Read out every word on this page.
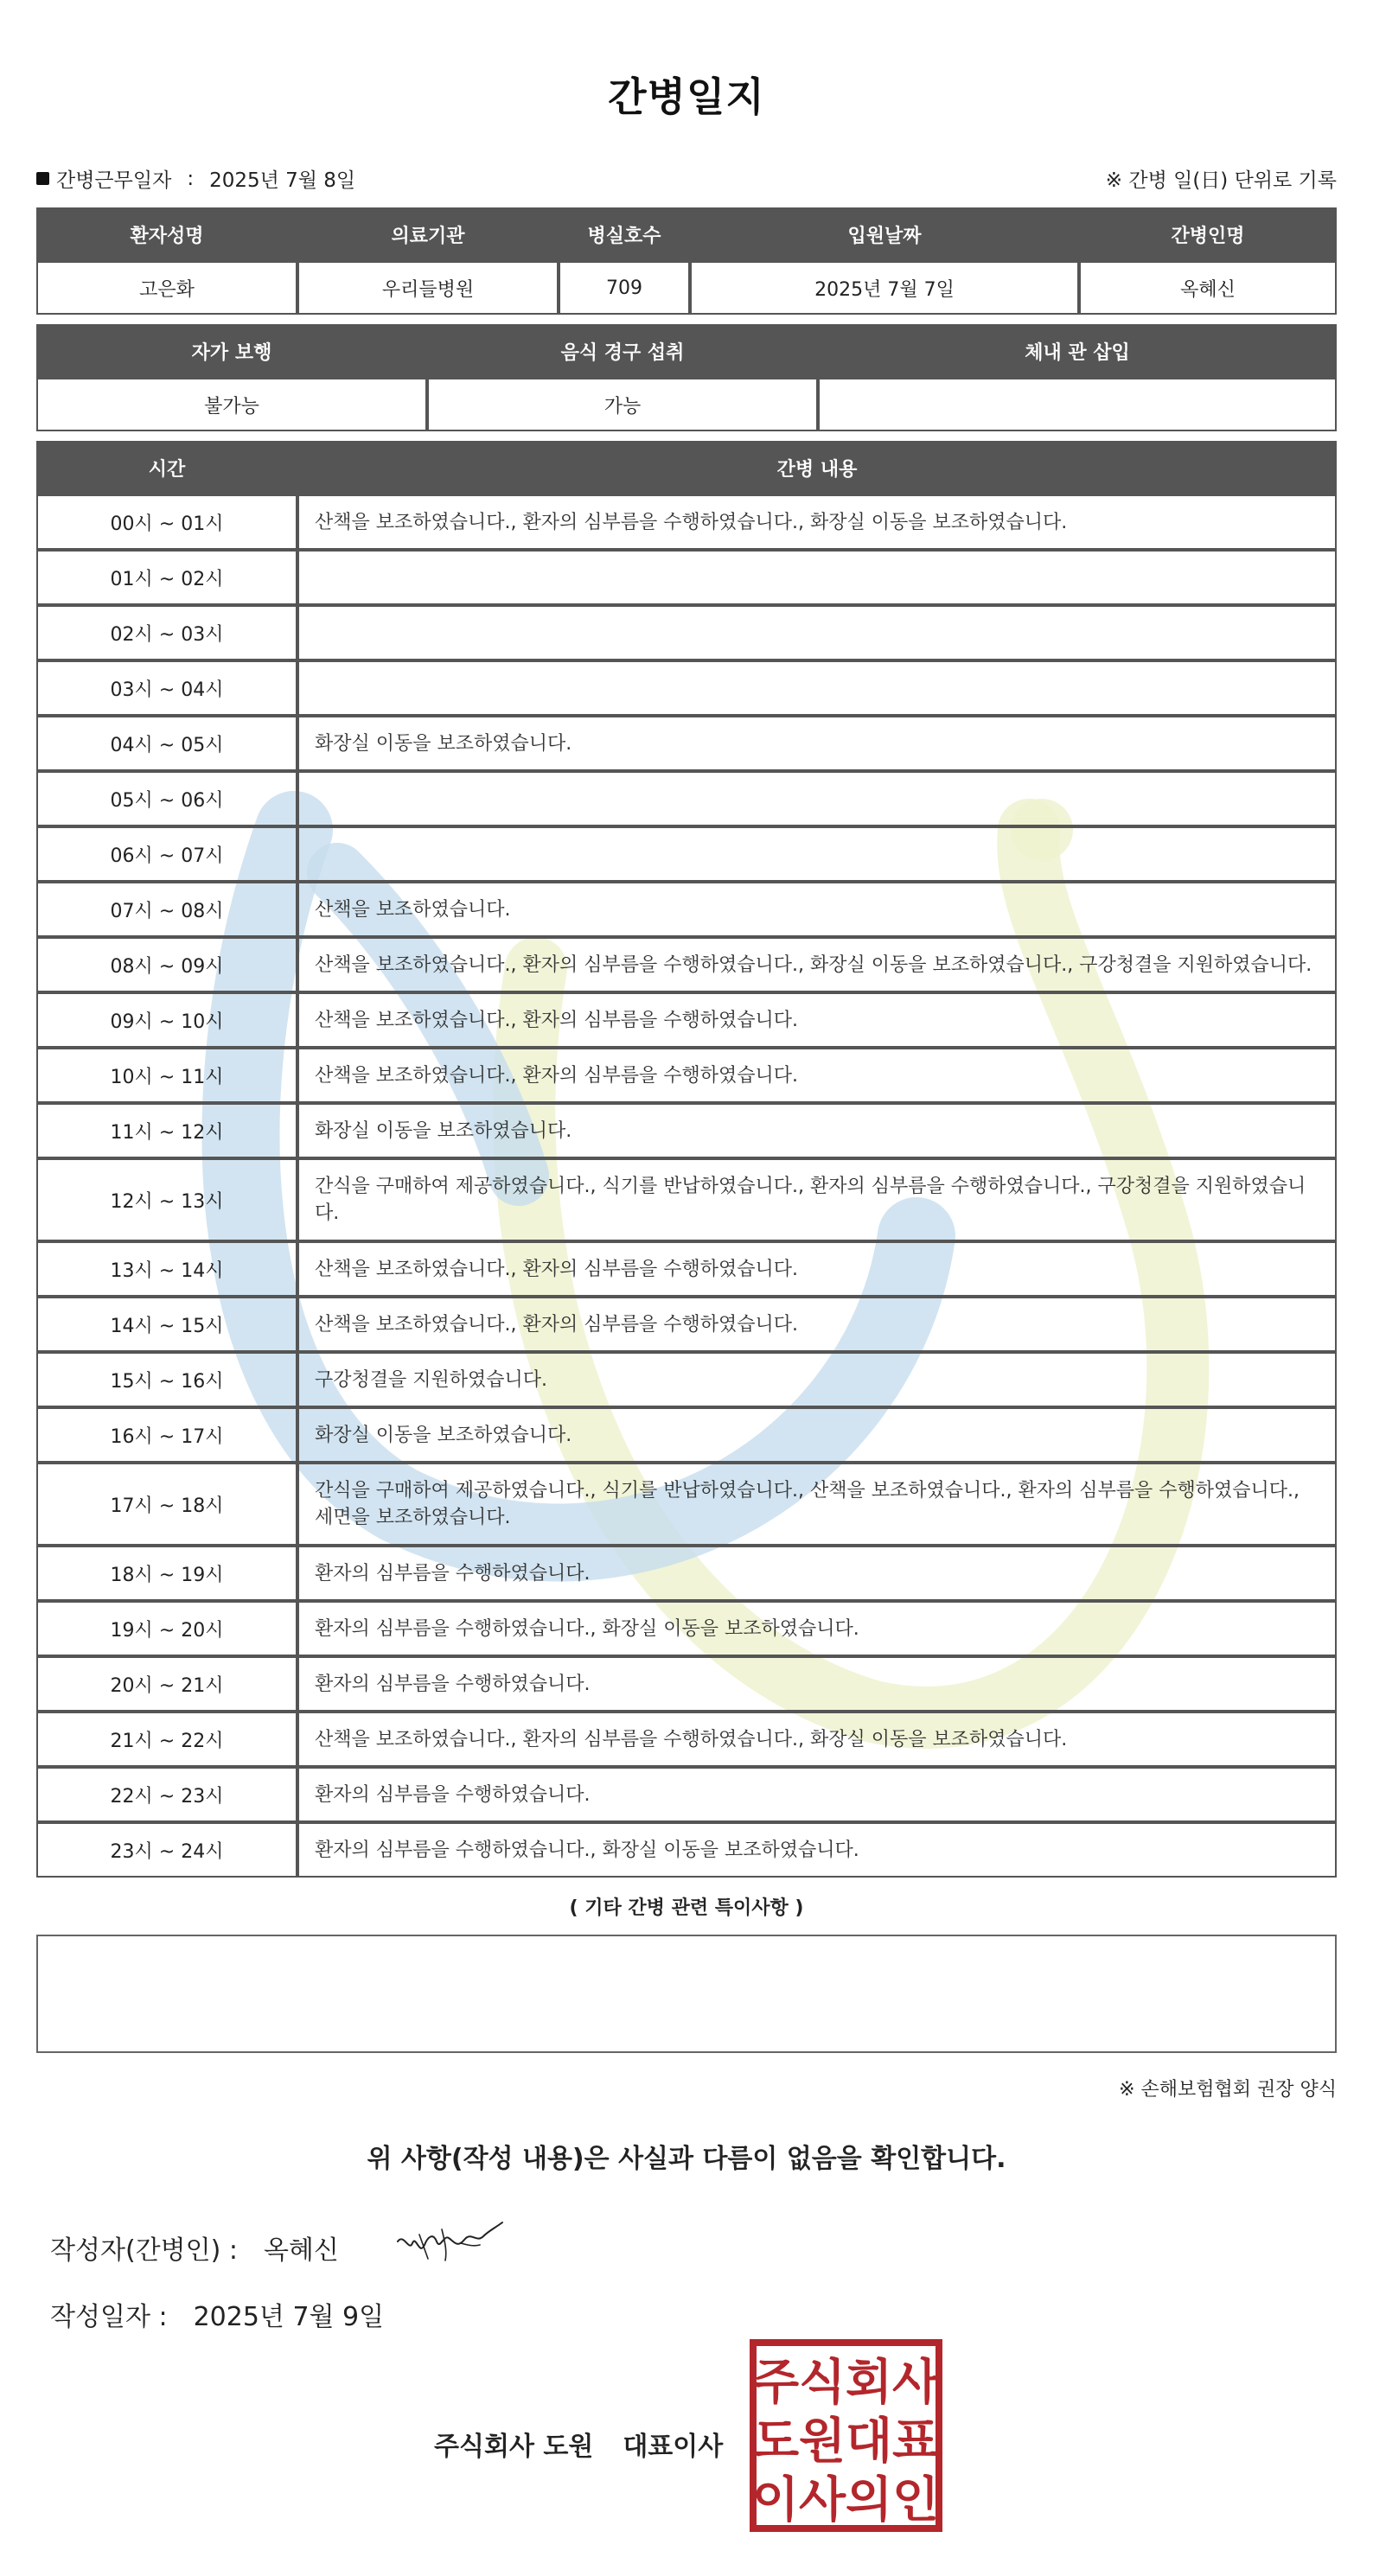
간병일지
간병근무일자 : 2025년 7월 8일	※ 간병 일(日) 단위로 기록
환자성명	의료기관	병실호수	입원날짜	간병인명
고은화	우리들병원	709	2025년 7월 7일	옥혜신
자가 보행	음식 경구 섭취	체내 관 삽입
불가능	가능	
시간	간병 내용
00시 ~ 01시	산책을 보조하였습니다., 환자의 심부름을 수행하였습니다., 화장실 이동을 보조하였습니다.
01시 ~ 02시	
02시 ~ 03시	
03시 ~ 04시	
04시 ~ 05시	화장실 이동을 보조하였습니다.
05시 ~ 06시	
06시 ~ 07시	
07시 ~ 08시	산책을 보조하였습니다.
08시 ~ 09시	산책을 보조하였습니다., 환자의 심부름을 수행하였습니다., 화장실 이동을 보조하였습니다., 구강청결을 지원하였습니다.
09시 ~ 10시	산책을 보조하였습니다., 환자의 심부름을 수행하였습니다.
10시 ~ 11시	산책을 보조하였습니다., 환자의 심부름을 수행하였습니다.
11시 ~ 12시	화장실 이동을 보조하였습니다.
12시 ~ 13시	간식을 구매하여 제공하였습니다., 식기를 반납하였습니다., 환자의 심부름을 수행하였습니다., 구강청결을 지원하였습니다.
13시 ~ 14시	산책을 보조하였습니다., 환자의 심부름을 수행하였습니다.
14시 ~ 15시	산책을 보조하였습니다., 환자의 심부름을 수행하였습니다.
15시 ~ 16시	구강청결을 지원하였습니다.
16시 ~ 17시	화장실 이동을 보조하였습니다.
17시 ~ 18시	간식을 구매하여 제공하였습니다., 식기를 반납하였습니다., 산책을 보조하였습니다., 환자의 심부름을 수행하였습니다., 세면을 보조하였습니다.
18시 ~ 19시	환자의 심부름을 수행하였습니다.
19시 ~ 20시	환자의 심부름을 수행하였습니다., 화장실 이동을 보조하였습니다.
20시 ~ 21시	환자의 심부름을 수행하였습니다.
21시 ~ 22시	산책을 보조하였습니다., 환자의 심부름을 수행하였습니다., 화장실 이동을 보조하였습니다.
22시 ~ 23시	환자의 심부름을 수행하였습니다.
23시 ~ 24시	환자의 심부름을 수행하였습니다., 화장실 이동을 보조하였습니다.
( 기타 간병 관련 특이사항 )
※ 손해보험협회 권장 양식
위 사항(작성 내용)은 사실과 다름이 없음을 확인합니다.
작성자(간병인) : 옥혜신
작성일자 : 2025년 7월 9일
주식회사 도원 대표이사
주 식 회 사
도 원 대 표
이 사 의 인
